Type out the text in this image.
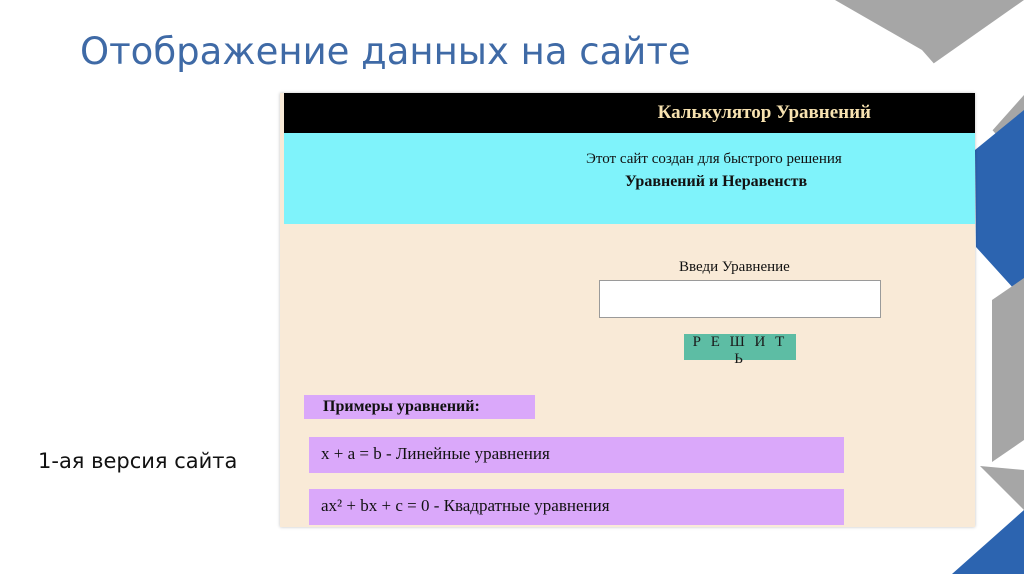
Отображение данных на сайте
1-ая версия сайта
Калькулятор Уравнений
Этот сайт создан для быстрого решения
Уравнений и Неравенств
Введи Уравнение
Р Е Ш И Т Ь
Примеры уравнений:
x + a = b - Линейные уравнения
ax² + bx + c = 0 - Квадратные уравнения
